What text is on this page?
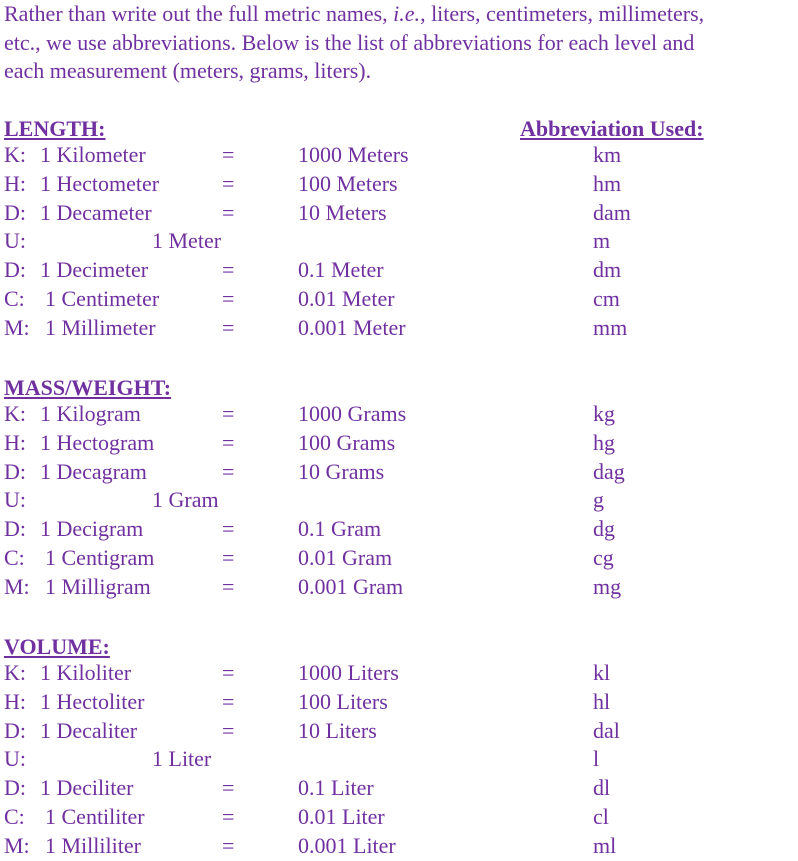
Rather than write out the full metric names, i.e., liters, centimeters, millimeters,
etc., we use abbreviations. Below is the list of abbreviations for each level and
each measurement (meters, grams, liters).
Abbreviation Used:
LENGTH:
K: 1 Kilometer	=	1000 Meters	km
H: 1 Hectometer	=	100 Meters	hm
D: 1 Decameter	=	10 Meters	dam
U:	1 Meter	m
D: 1 Decimeter	=	0.1 Meter	dm
C: 1 Centimeter	=	0.01 Meter	cm
M: 1 Millimeter	=	0.001 Meter	mm
MASS/WEIGHT:
K: 1 Kilogram	=	1000 Grams	kg
H: 1 Hectogram	=	100 Grams	hg
D: 1 Decagram	=	10 Grams	dag
U:	1 Gram	g
D: 1 Decigram	=	0.1 Gram	dg
C: 1 Centigram	=	0.01 Gram	cg
M: 1 Milligram	=	0.001 Gram	mg
VOLUME:
K: 1 Kiloliter	=	1000 Liters	kl
H: 1 Hectoliter	=	100 Liters	hl
D: 1 Decaliter	=	10 Liters	dal
U:	1 Liter	l
D: 1 Deciliter	=	0.1 Liter	dl
C: 1 Centiliter	=	0.01 Liter	cl
M: 1 Milliliter	=	0.001 Liter	ml
